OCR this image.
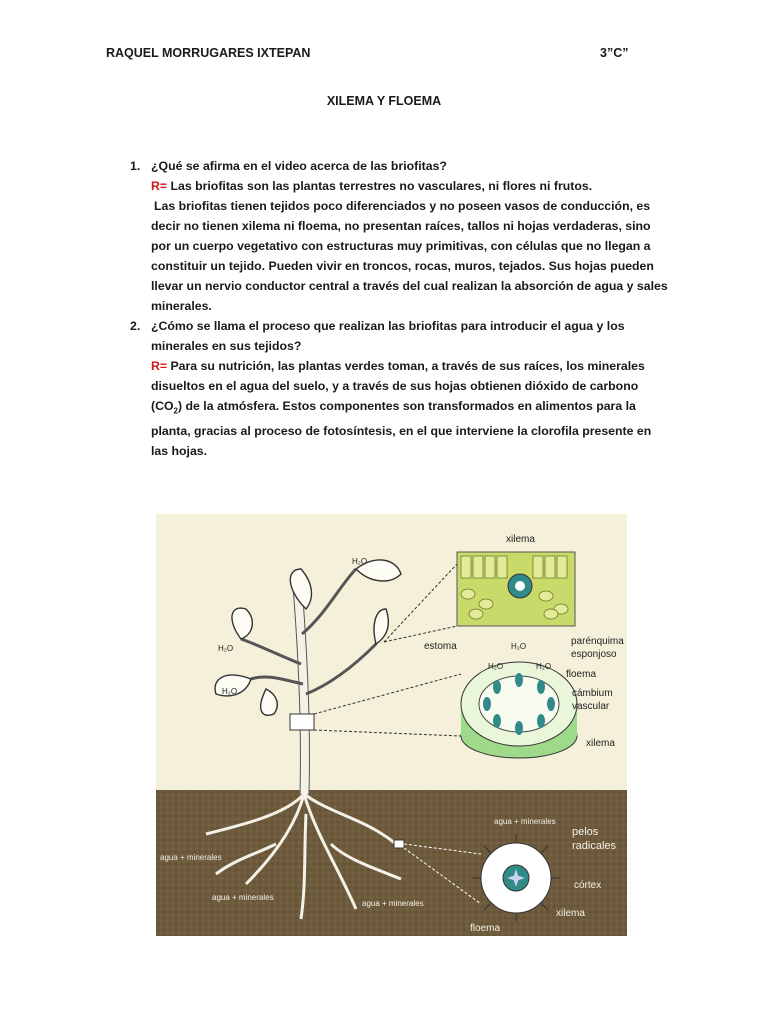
RAQUEL MORRUGARES IXTEPAN	3”C”
XILEMA Y FLOEMA
1. ¿Qué se afirma en el video acerca de las briofitas?
R= Las briofitas son las plantas terrestres no vasculares, ni flores ni frutos.
Las briofitas tienen tejidos poco diferenciados y no poseen vasos de conducción, es decir no tienen xilema ni floema, no presentan raíces, tallos ni hojas verdaderas, sino por un cuerpo vegetativo con estructuras muy primitivas, con células que no llegan a constituir un tejido. Pueden vivir en troncos, rocas, muros, tejados. Sus hojas pueden llevar un nervio conductor central a través del cual realizan la absorción de agua y sales minerales.
2. ¿Cómo se llama el proceso que realizan las briofitas para introducir el agua y los minerales en sus tejidos?
R= Para su nutrición, las plantas verdes toman, a través de sus raíces, los minerales disueltos en el agua del suelo, y a través de sus hojas obtienen dióxido de carbono $(CO_2)$ de la atmósfera. Estos componentes son transformados en alimentos para la planta, gracias al proceso de fotosíntesis, en el que interviene la clorofila presente en las hojas.
xilema
estoma	H₂O	parénquima
esponjoso
H₂O	H₂O
floema
cámbium
vascular
xilema
H₂O
H₂O
H₂O
agua + minerales
agua + minerales
agua + minerales
agua + minerales
pelos
radicales
córtex
xilema
floema
